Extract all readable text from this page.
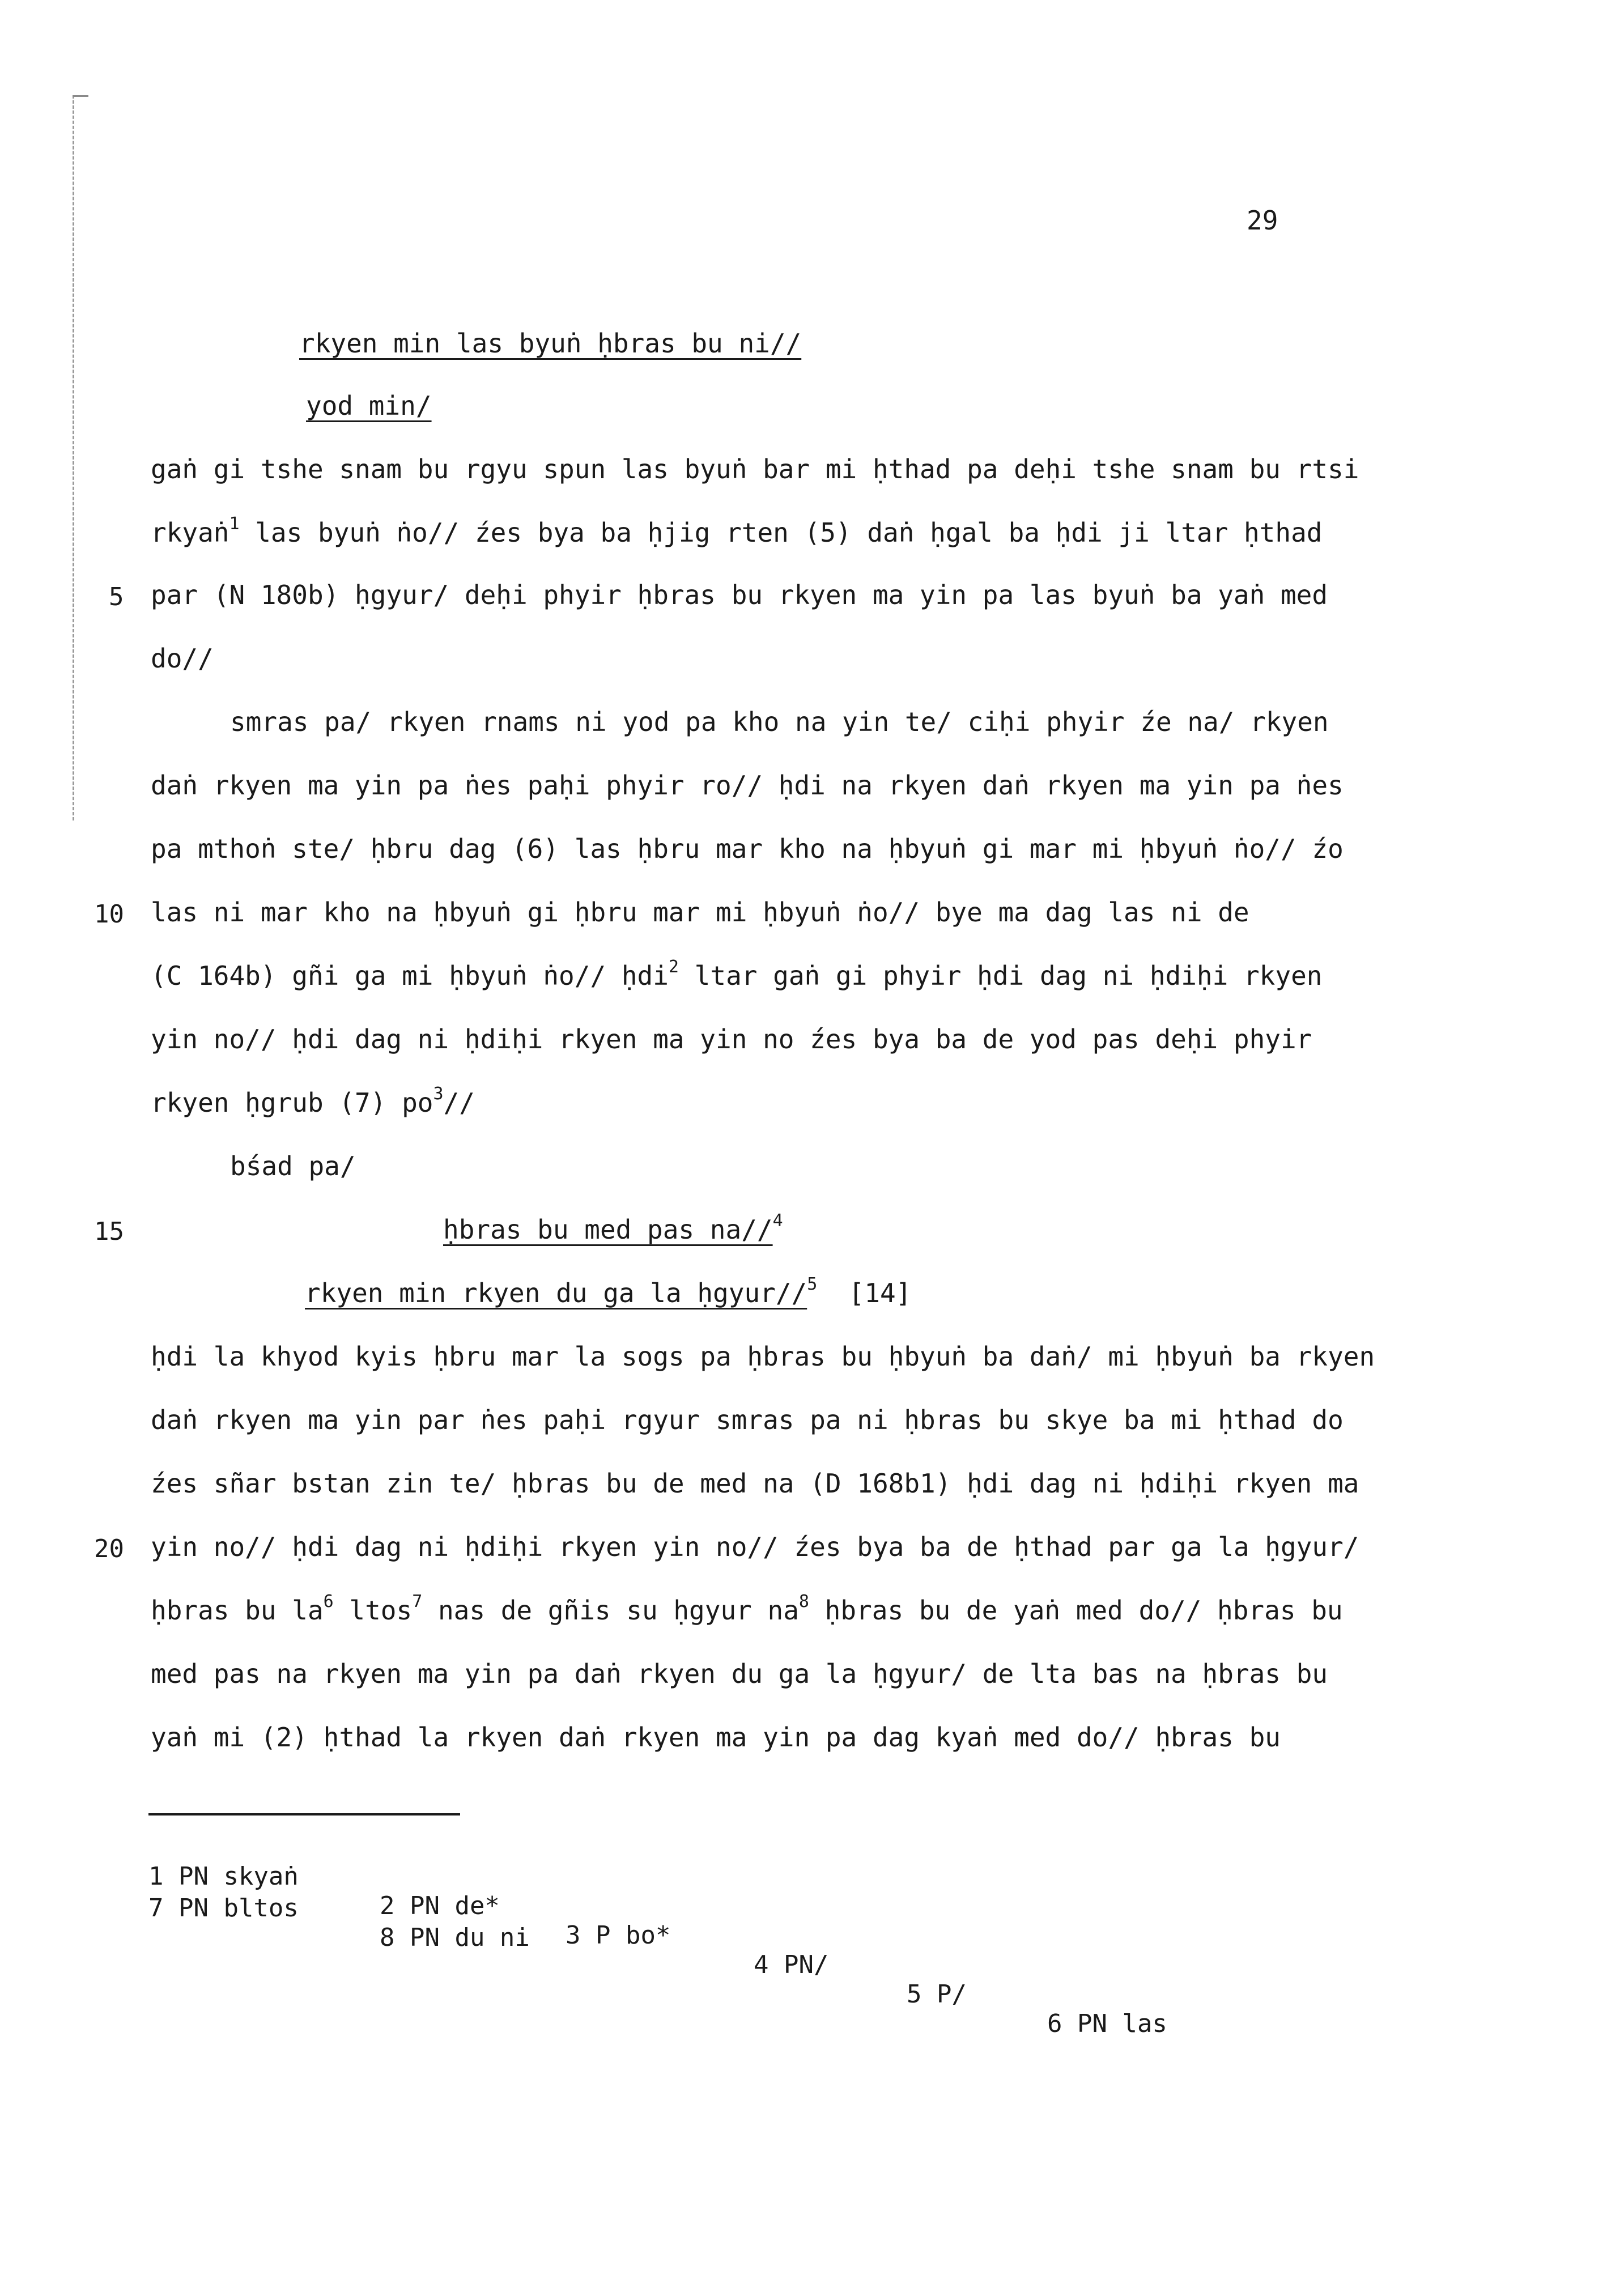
29
rkyen min las byuṅ ḥbras bu ni//
yod min/
gaṅ gi tshe snam bu rgyu spun las byuṅ bar mi ḥthad pa deḥi tshe snam bu rtsi
rkyaṅ$^1$ las byuṅ ṅo// źes bya ba ḥjig rten (5) daṅ ḥgal ba ḥdi ji ltar ḥthad
5 par (N 180b) ḥgyur/ deḥi phyir ḥbras bu rkyen ma yin pa las byuṅ ba yaṅ med
do//
smras pa/ rkyen rnams ni yod pa kho na yin te/ ciḥi phyir źe na/ rkyen
daṅ rkyen ma yin pa ṅes paḥi phyir ro// ḥdi na rkyen daṅ rkyen ma yin pa ṅes
pa mthoṅ ste/ ḥbru dag (6) las ḥbru mar kho na ḥbyuṅ gi mar mi ḥbyuṅ ṅo// źo
10 las ni mar kho na ḥbyuṅ gi ḥbru mar mi ḥbyuṅ ṅo// bye ma dag las ni de
(C 164b) gñi ga mi ḥbyuṅ ṅo// ḥdi$^2$ ltar gaṅ gi phyir ḥdi dag ni ḥdiḥi rkyen
yin no// ḥdi dag ni ḥdiḥi rkyen ma yin no źes bya ba de yod pas deḥi phyir
rkyen ḥgrub (7) $po^3//$
bśad pa/
15	ḥbras bu med pas na//$^4$
rkyen min rkyen du ga la ḥgyur//$^5$ [14]
ḥdi la khyod kyis ḥbru mar la sogs pa ḥbras bu ḥbyuṅ ba daṅ/ mi ḥbyuṅ ba rkyen
daṅ rkyen ma yin par ṅes paḥi rgyur smras pa ni ḥbras bu skye ba mi ḥthad do
źes sñar bstan zin te/ ḥbras bu de med na (D 168b1) ḥdi dag ni ḥdiḥi rkyen ma
20 yin no// ḥdi dag ni ḥdiḥi rkyen yin no// źes bya ba de ḥthad par ga la ḥgyur/
ḥbras bu $la^6$ ltos$^7$ nas de gñis su ḥgyur $na^8$ ḥbras bu de yaṅ med do// ḥbras bu
med pas na rkyen ma yin pa daṅ rkyen du ga la ḥgyur/ de lta bas na ḥbras bu
yaṅ mi (2) ḥthad la rkyen daṅ rkyen ma yin pa dag kyaṅ med do// ḥbras bu

1 PN skyaṅ

2 PN de*

3 P bo*

4 PN/

5 P/

6 PN las

7 PN bltos

8 PN du ni
